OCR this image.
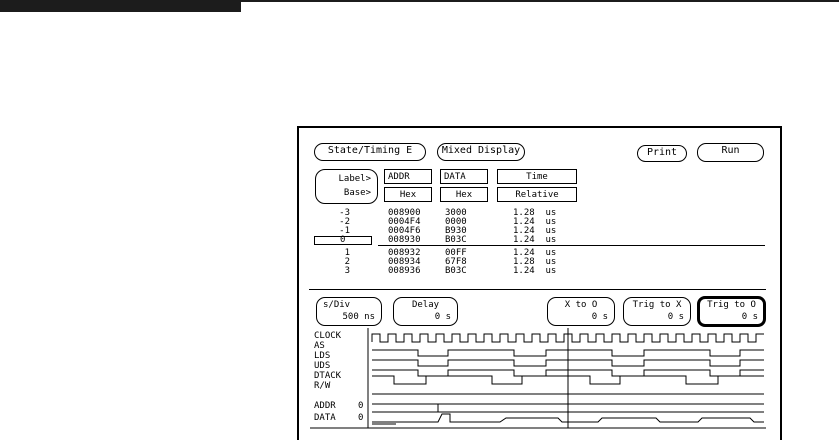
State/Timing E	Mixed Display	Print	Run
Label>
Base>
ADDR
Hex
DATA
Hex
Time
Relative
-3	008900	3000	1.28  us
-2	0004F4	0000	1.24  us
-1	0004F6	B930	1.24  us
0	008930	B03C	1.24  us
1	008932	00FF	1.24  us
2	008934	67F8	1.28  us
3	008936	B03C	1.24  us
s/Div
500 ns
Delay
0 s
X to O
0 s
Trig to X
0 s
Trig to O
0 s
CLOCK
AS
LDS
UDS
DTACK
R/W
ADDR 0
DATA 0
